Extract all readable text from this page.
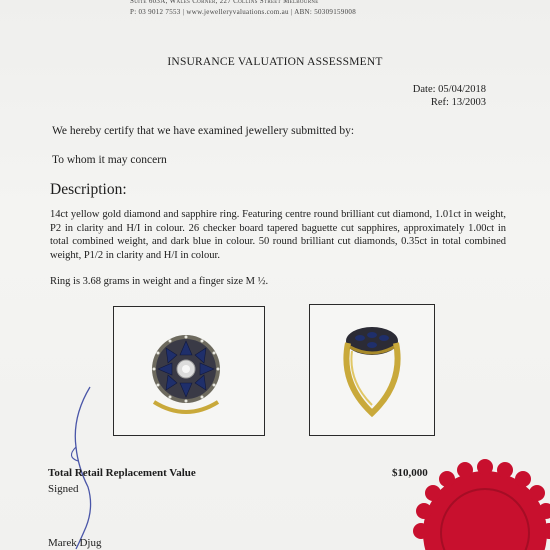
Suite 603A, Wales Corner, 227 Collins Street Melbourne
P: 03 9012 7553 | www.jewelleryvaluations.com.au | ABN: 50309159008
INSURANCE VALUATION ASSESSMENT
Date: 05/04/2018
Ref: 13/2003
We hereby certify that we have examined jewellery submitted by:
To whom it may concern
Description:
14ct yellow gold diamond and sapphire ring. Featuring centre round brilliant cut diamond, 1.01ct in weight, P2 in clarity and H/I in colour. 26 checker board tapered baguette cut sapphires, approximately 1.00ct in total combined weight, and dark blue in colour. 50 round brilliant cut diamonds, 0.35ct in total combined weight, P1/2 in clarity and H/I in colour.
Ring is 3.68 grams in weight and a finger size M ½.
Total Retail Replacement Value	$10,000
Signed
Marek Djug
